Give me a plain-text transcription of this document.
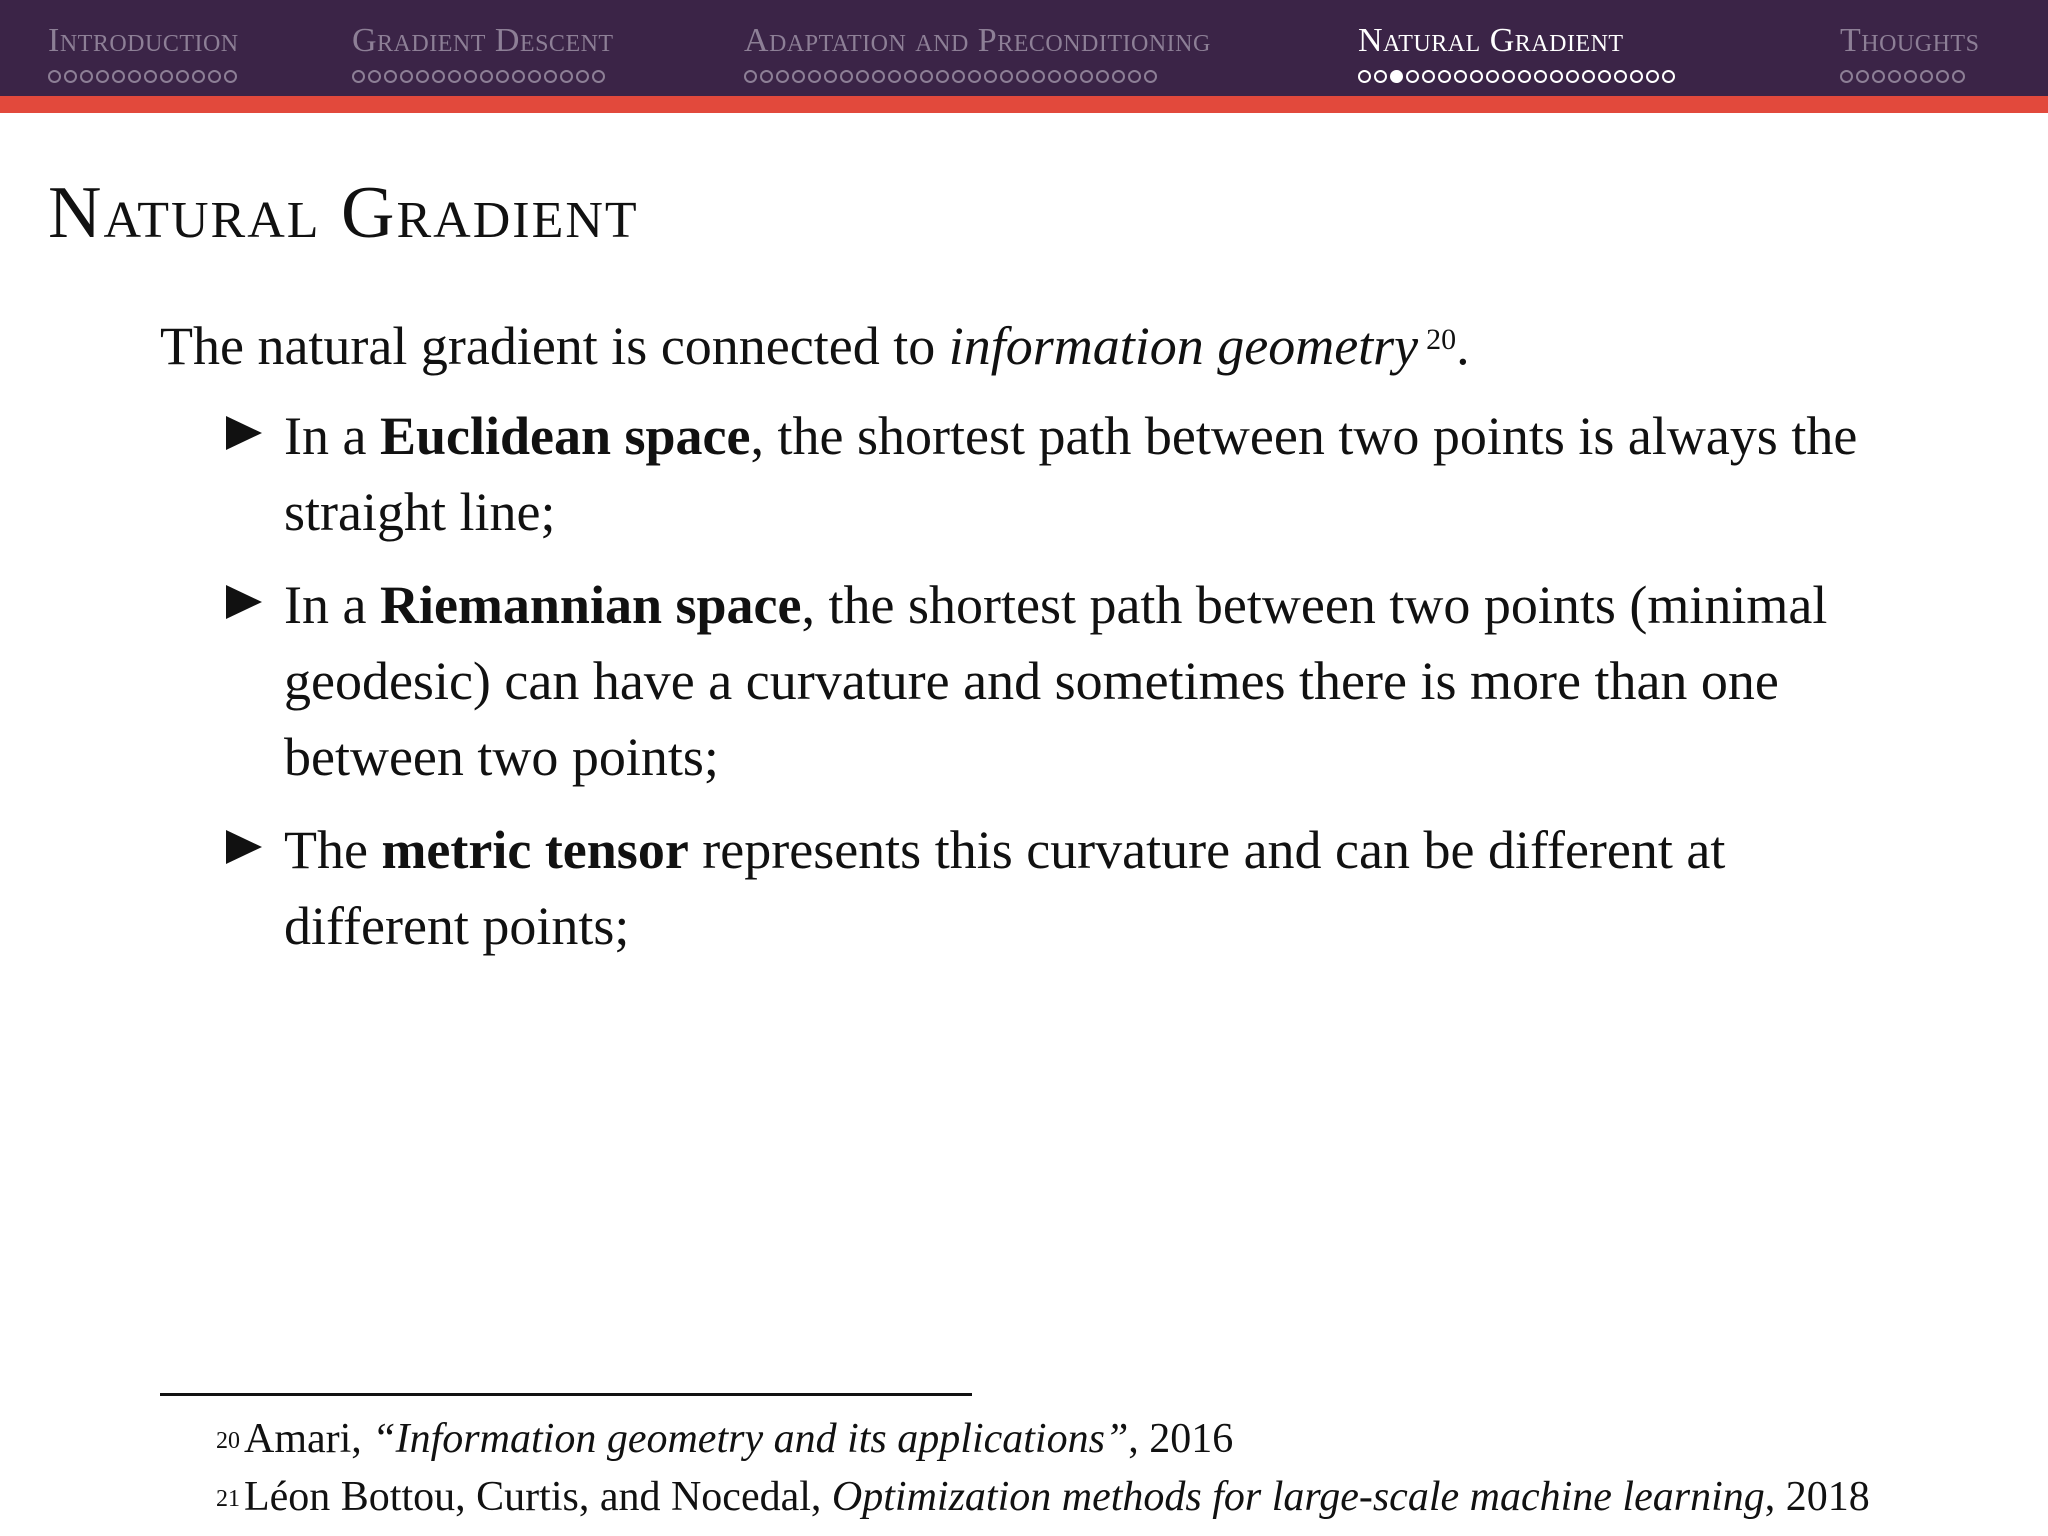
Introduction	Gradient Descent	Adaptation and Preconditioning	Natural Gradient	Thoughts
Natural Gradient

The natural gradient is connected to information geometry $^{20}$.

In a Euclidean space, the shortest path between two points is always the straight line;
In a Riemannian space, the shortest path between two points (minimal geodesic) can have a curvature and sometimes there is more than one between two points;
The metric tensor represents this curvature and can be different at different points;
$^{20}$Amari, “Information geometry and its applications”, 2016
$^{21}$Léon Bottou, Curtis, and Nocedal, Optimization methods for large-scale machine learning, 2018
